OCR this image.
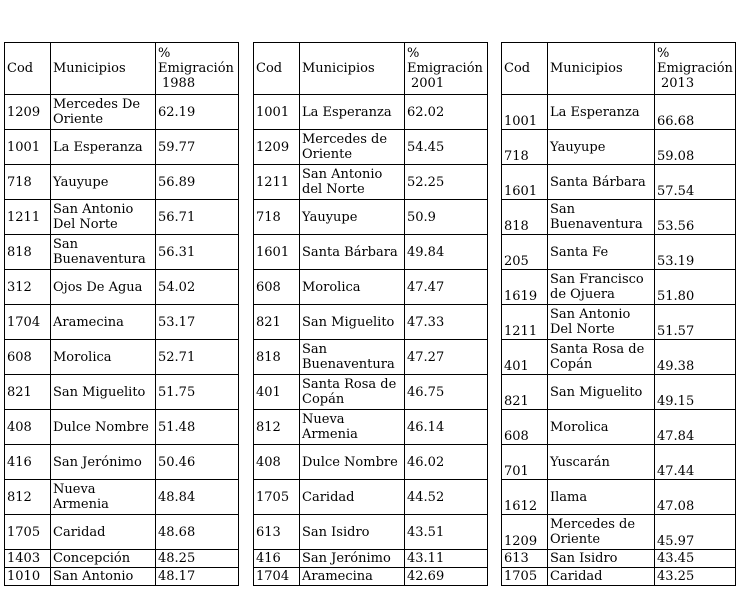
Cod	Municipios	%
Emigración
1988

1209	Mercedes De Oriente	62.19
1001	La Esperanza	59.77
718	Yauyupe	56.89
1211	San Antonio Del Norte	56.71
818	San Buenaventura	56.31
312	Ojos De Agua	54.02
1704	Aramecina	53.17
608	Morolica	52.71
821	San Miguelito	51.75
408	Dulce Nombre	51.48
416	San Jerónimo	50.46
812	Nueva Armenia	48.84
1705	Caridad	48.68
1403	Concepción	48.25
1010	San Antonio	48.17
Cod	Municipios	%
Emigración
2001

1001	La Esperanza	62.02
1209	Mercedes de Oriente	54.45
1211	San Antonio del Norte	52.25
718	Yauyupe	50.9
1601	Santa Bárbara	49.84
608	Morolica	47.47
821	San Miguelito	47.33
818	San Buenaventura	47.27
401	Santa Rosa de Copán	46.75
812	Nueva Armenia	46.14
408	Dulce Nombre	46.02
1705	Caridad	44.52
613	San Isidro	43.51
416	San Jerónimo	43.11
1704	Aramecina	42.69
Cod	Municipios	%
Emigración
2013

1001	La Esperanza	66.68
718	Yauyupe	59.08
1601	Santa Bárbara	57.54
818	San Buenaventura	53.56
205	Santa Fe	53.19
1619	San Francisco de Ojuera	51.80
1211	San Antonio Del Norte	51.57
401	Santa Rosa de Copán	49.38
821	San Miguelito	49.15
608	Morolica	47.84
701	Yuscarán	47.44
1612	Ilama	47.08
1209	Mercedes de Oriente	45.97
613	San Isidro	43.45
1705	Caridad	43.25
